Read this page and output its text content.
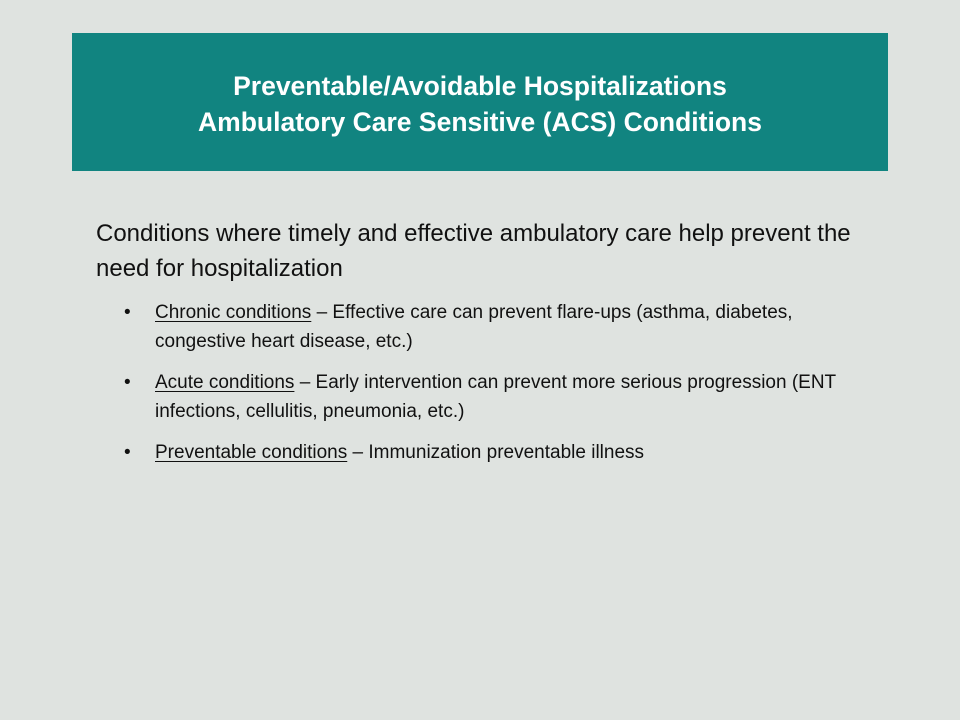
Preventable/Avoidable Hospitalizations
Ambulatory Care Sensitive (ACS) Conditions
Conditions where timely and effective ambulatory care help prevent the need for hospitalization
• Chronic conditions – Effective care can prevent flare-ups (asthma, diabetes, congestive heart disease, etc.)
• Acute conditions – Early intervention can prevent more serious progression (ENT infections, cellulitis, pneumonia, etc.)
• Preventable conditions – Immunization preventable illness
